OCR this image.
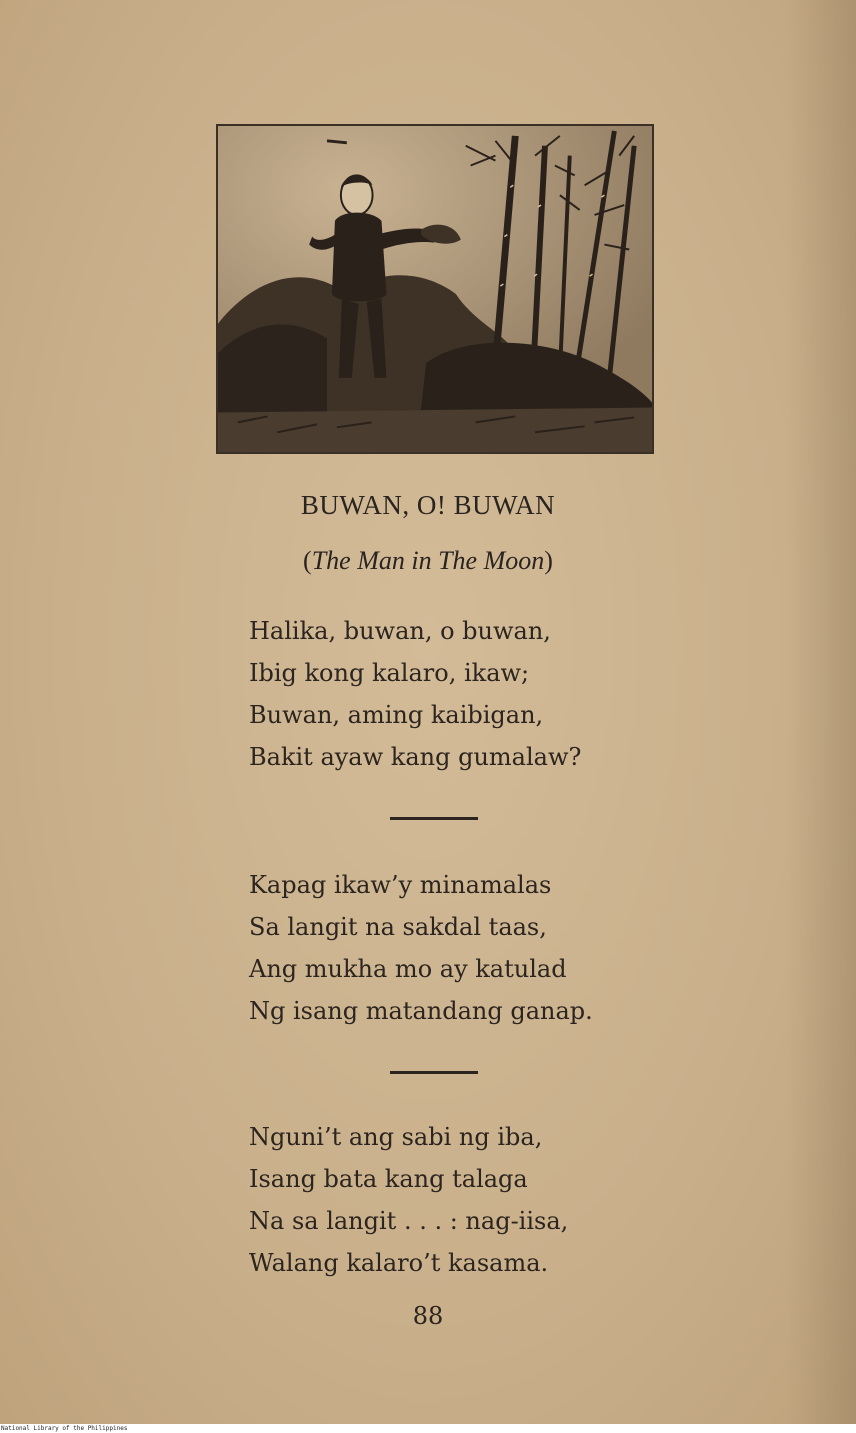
BUWAN, O! BUWAN
(The Man in The Moon)
Halika, buwan, o buwan,
Ibig kong kalaro, ikaw;
Buwan, aming kaibigan,
Bakit ayaw kang gumalaw?
Kapag ikaw’y minamalas
Sa langit na sakdal taas,
Ang mukha mo ay katulad
Ng isang matandang ganap.
Nguni’t ang sabi ng iba,
Isang bata kang talaga
Na sa langit . . . : nag-iisa,
Walang kalaro’t kasama.
88
National Library of the Philippines
